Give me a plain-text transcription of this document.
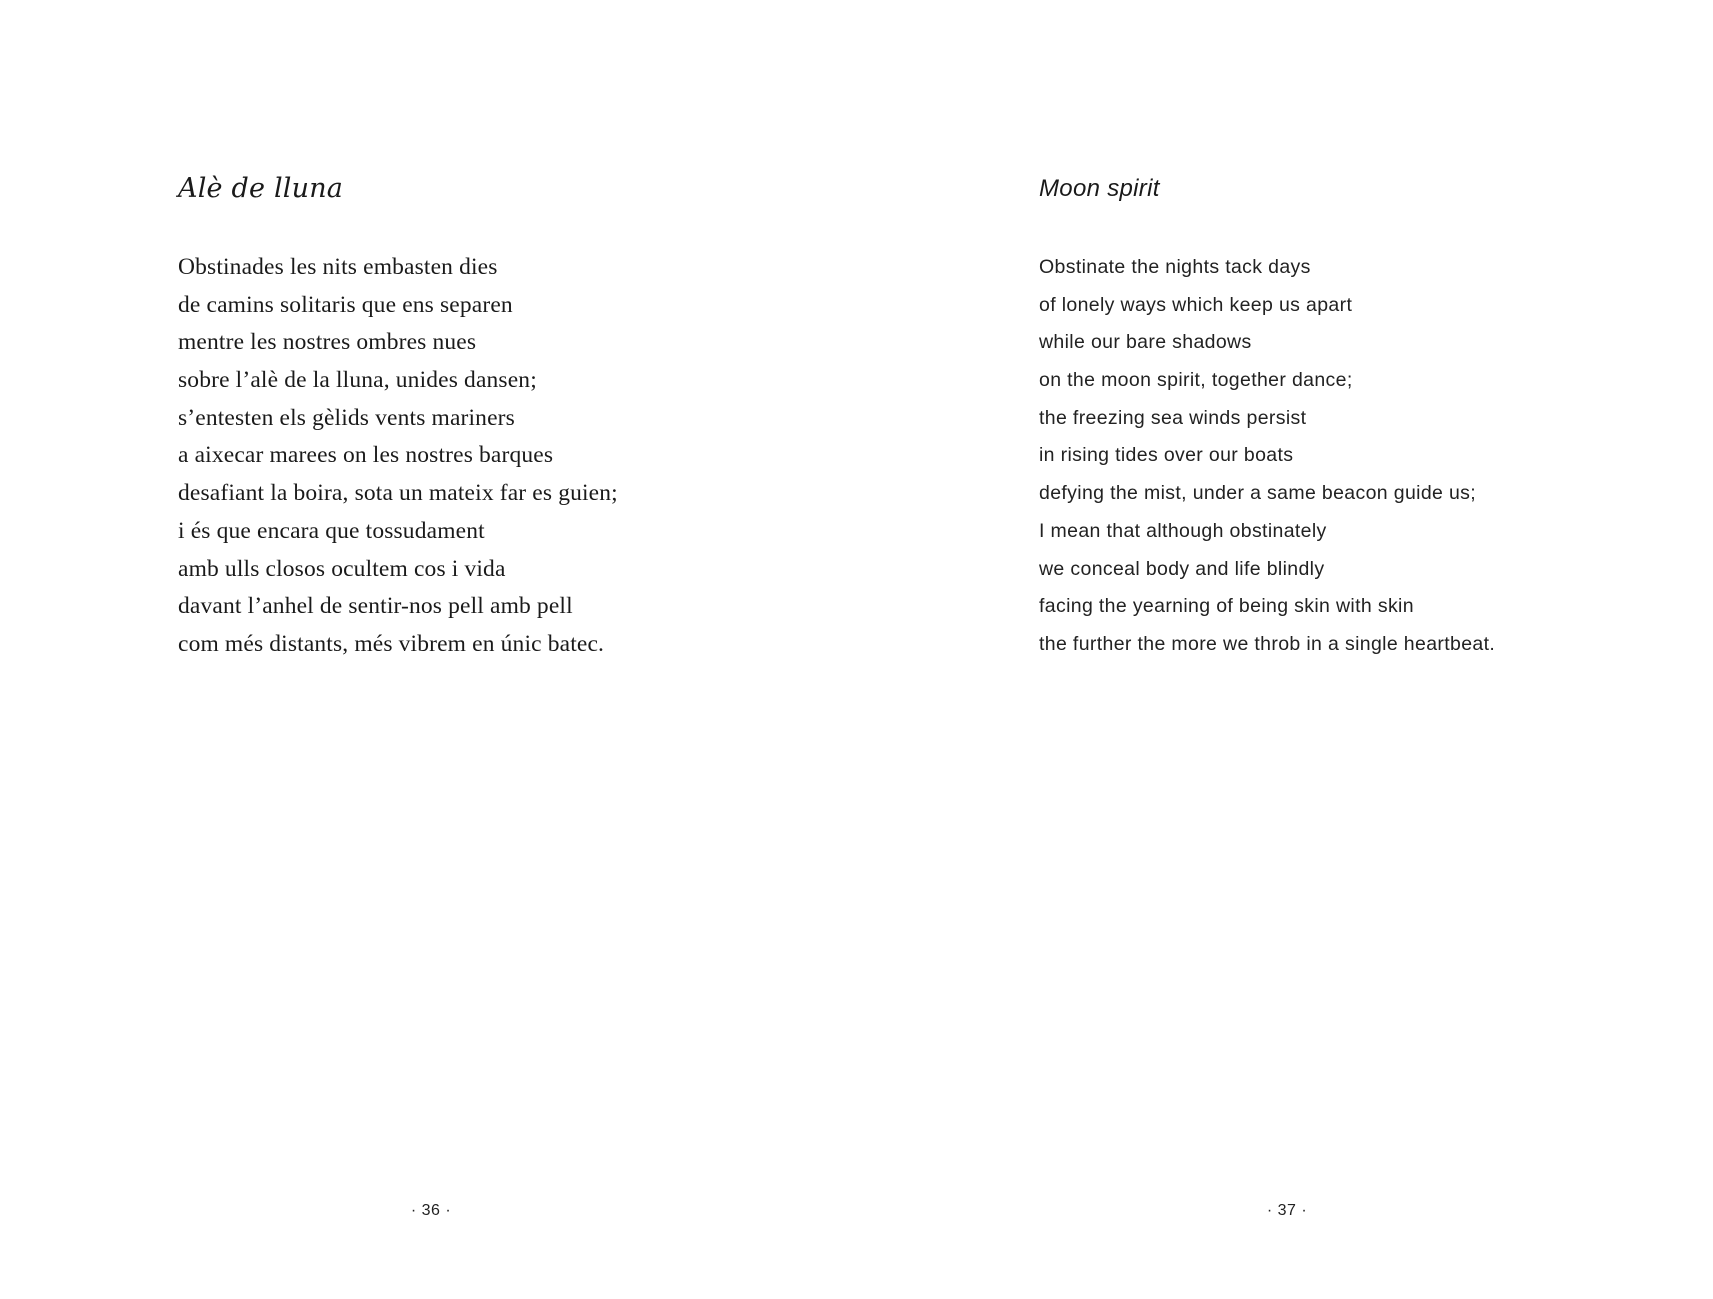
Alè de lluna
Obstinades les nits embasten dies
de camins solitaris que ens separen
mentre les nostres ombres nues
sobre l’alè de la lluna, unides dansen;
s’entesten els gèlids vents mariners
a aixecar marees on les nostres barques
desafiant la boira, sota un mateix far es guien;
i és que encara que tossudament
amb ulls closos ocultem cos i vida
davant l’anhel de sentir-nos pell amb pell
com més distants, més vibrem en únic batec.

· 36 ·

Moon spirit
Obstinate the nights tack days
of lonely ways which keep us apart
while our bare shadows
on the moon spirit, together dance;
the freezing sea winds persist
in rising tides over our boats
defying the mist, under a same beacon guide us;
I mean that although obstinately
we conceal body and life blindly
facing the yearning of being skin with skin
the further the more we throb in a single heartbeat.

· 37 ·
